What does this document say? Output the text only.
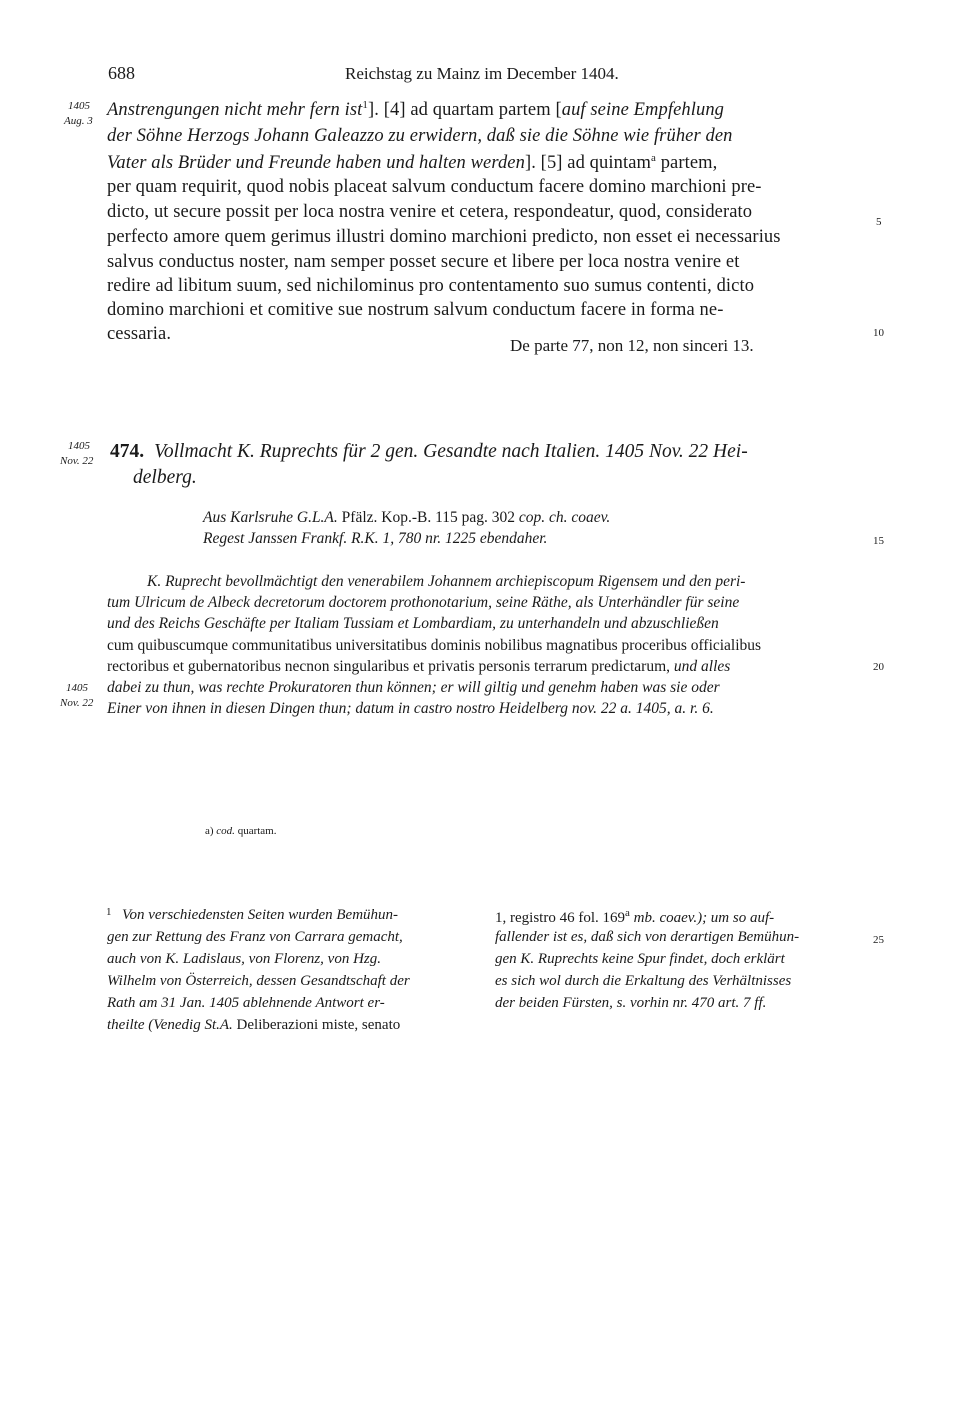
688	Reichstag zu Mainz im December 1404.
1405
Aug. 3
1405
Nov. 22
1405
Nov. 22
5
10
15
20
25
Anstrengungen nicht mehr fern ist$^1$]. [4] ad quartam partem [auf seine Empfehlung
der Söhne Herzogs Johann Galeazzo zu erwidern, daß sie die Söhne wie früher den
Vater als Brüder und Freunde haben und halten werden]. [5] ad quintam$^a$ partem,
per quam requirit, quod nobis placeat salvum conductum facere domino marchioni pre-
dicto, ut secure possit per loca nostra venire et cetera, respondeatur, quod, considerato
perfecto amore quem gerimus illustri domino marchioni predicto, non esset ei necessarius
salvus conductus noster, nam semper posset secure et libere per loca nostra venire et
redire ad libitum suum, sed nichilominus pro contentamento suo sumus contenti, dicto
domino marchioni et comitive sue nostrum salvum conductum facere in forma ne-
cessaria.
De parte 77, non 12, non sinceri 13.
474. Vollmacht K. Ruprechts für 2 gen. Gesandte nach Italien. 1405 Nov. 22 Hei-
delberg.
Aus Karlsruhe G.L.A. Pfälz. Kop.-B. 115 pag. 302 cop. ch. coaev.
Regest Janssen Frankf. R.K. 1, 780 nr. 1225 ebendaher.
K. Ruprecht bevollmächtigt den venerabilem Johannem archiepiscopum Rigensem und den peri-
tum Ulricum de Albeck decretorum doctorem prothonotarium, seine Räthe, als Unterhändler für seine
und des Reichs Geschäfte per Italiam Tussiam et Lombardiam, zu unterhandeln und abzuschließen
cum quibuscumque communitatibus universitatibus dominis nobilibus magnatibus proceribus officialibus
rectoribus et gubernatoribus necnon singularibus et privatis personis terrarum predictarum, und alles
dabei zu thun, was rechte Prokuratoren thun können; er will giltig und genehm haben was sie oder
Einer von ihnen in diesen Dingen thun; datum in castro nostro Heidelberg nov. 22 a. 1405, a. r. 6.
a) cod. quartam.
$^1$ Von verschiedensten Seiten wurden Bemühun-
gen zur Rettung des Franz von Carrara gemacht,
auch von K. Ladislaus, von Florenz, von Hzg.
Wilhelm von Österreich, dessen Gesandtschaft der
Rath am 31 Jan. 1405 ablehnende Antwort er-
theilte (Venedig St.A. Deliberazioni miste, senato
1, registro 46 fol. 169$^a$ mb. coaev.); um so auf-
fallender ist es, daß sich von derartigen Bemühun-
gen K. Ruprechts keine Spur findet, doch erklärt
es sich wol durch die Erkaltung des Verhältnisses
der beiden Fürsten, s. vorhin nr. 470 art. 7 ff.
